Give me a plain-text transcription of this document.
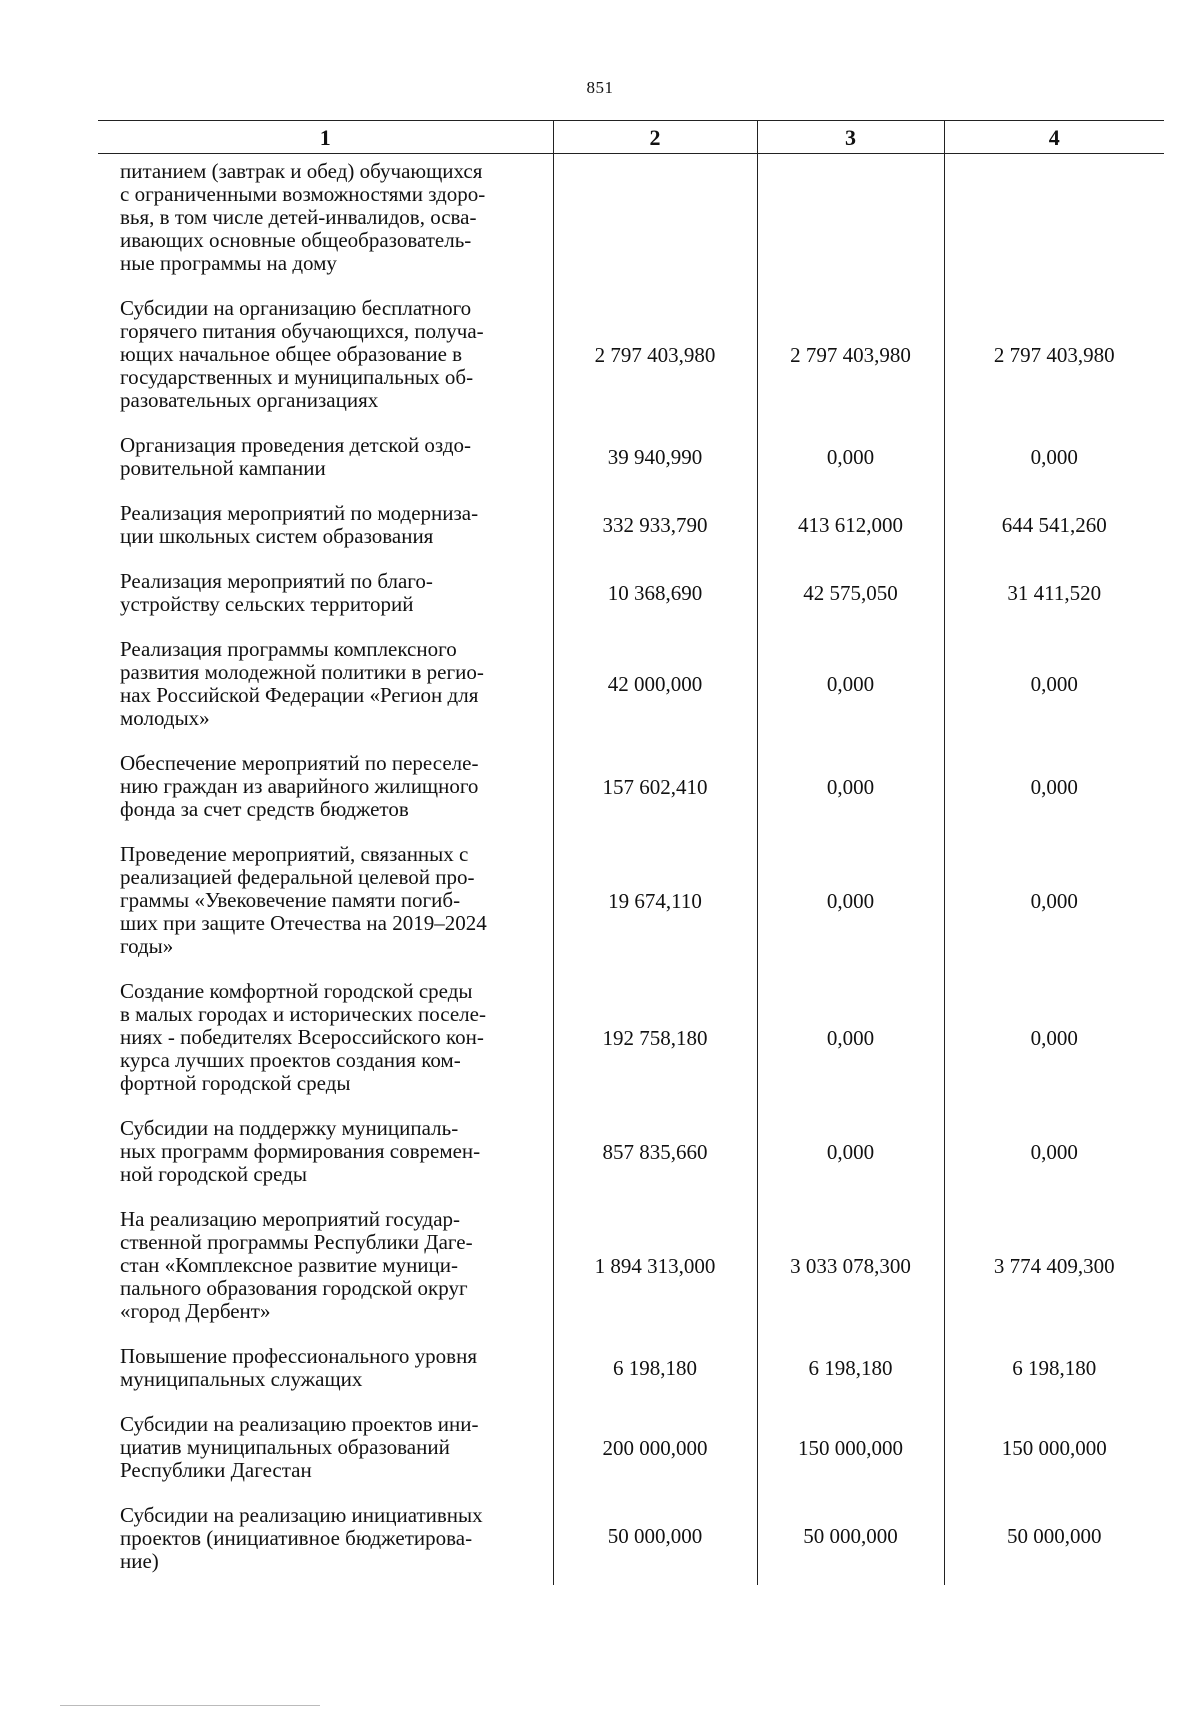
851
1	2	3	4

питанием (завтрак и обед) обучающихся
с ограниченными возможностями здоро-
вья, в том числе детей-инвалидов, осва-
ивающих основные общеобразователь-
ные программы на дому			

Субсидии на организацию бесплатного
горячего питания обучающихся, получа-
ющих начальное общее образование в
государственных и муниципальных об-
разовательных организациях	2 797 403,980	2 797 403,980	2 797 403,980

Организация проведения детской оздо-
ровительной кампании	39 940,990	0,000	0,000

Реализация мероприятий по модерниза-
ции школьных систем образования	332 933,790	413 612,000	644 541,260

Реализация мероприятий по благо-
устройству сельских территорий	10 368,690	42 575,050	31 411,520

Реализация программы комплексного
развития молодежной политики в регио-
нах Российской Федерации «Регион для
молодых»	42 000,000	0,000	0,000

Обеспечение мероприятий по переселе-
нию граждан из аварийного жилищного
фонда за счет средств бюджетов	157 602,410	0,000	0,000

Проведение мероприятий, связанных с
реализацией федеральной целевой про-
граммы «Увековечение памяти погиб-
ших при защите Отечества на 2019–2024
годы»	19 674,110	0,000	0,000

Создание комфортной городской среды
в малых городах и исторических поселе-
ниях - победителях Всероссийского кон-
курса лучших проектов создания ком-
фортной городской среды	192 758,180	0,000	0,000

Субсидии на поддержку муниципаль-
ных программ формирования современ-
ной городской среды	857 835,660	0,000	0,000

На реализацию мероприятий государ-
ственной программы Республики Даге-
стан «Комплексное развитие муници-
пального образования городской округ
«город Дербент»	1 894 313,000	3 033 078,300	3 774 409,300

Повышение профессионального уровня
муниципальных служащих	6 198,180	6 198,180	6 198,180

Субсидии на реализацию проектов ини-
циатив муниципальных образований
Республики Дагестан	200 000,000	150 000,000	150 000,000

Субсидии на реализацию инициативных
проектов (инициативное бюджетирова-
ние)	50 000,000	50 000,000	50 000,000
